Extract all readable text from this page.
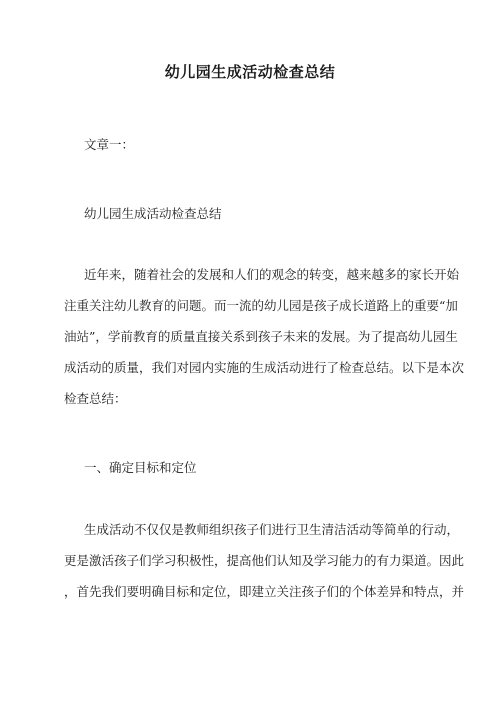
幼儿园生成活动检查总结
文章一：
幼儿园生成活动检查总结
近年来，随着社会的发展和人们的观念的转变，越来越多的家长开始
注重关注幼儿教育的问题。而一流的幼儿园是孩子成长道路上的重要“加
油站”，学前教育的质量直接关系到孩子未来的发展。为了提高幼儿园生
成活动的质量，我们对园内实施的生成活动进行了检查总结。以下是本次
检查总结：
一、确定目标和定位
生成活动不仅仅是教师组织孩子们进行卫生清洁活动等简单的行动，
更是激活孩子们学习积极性，提高他们认知及学习能力的有力渠道。因此
，首先我们要明确目标和定位，即建立关注孩子们的个体差异和特点，并
